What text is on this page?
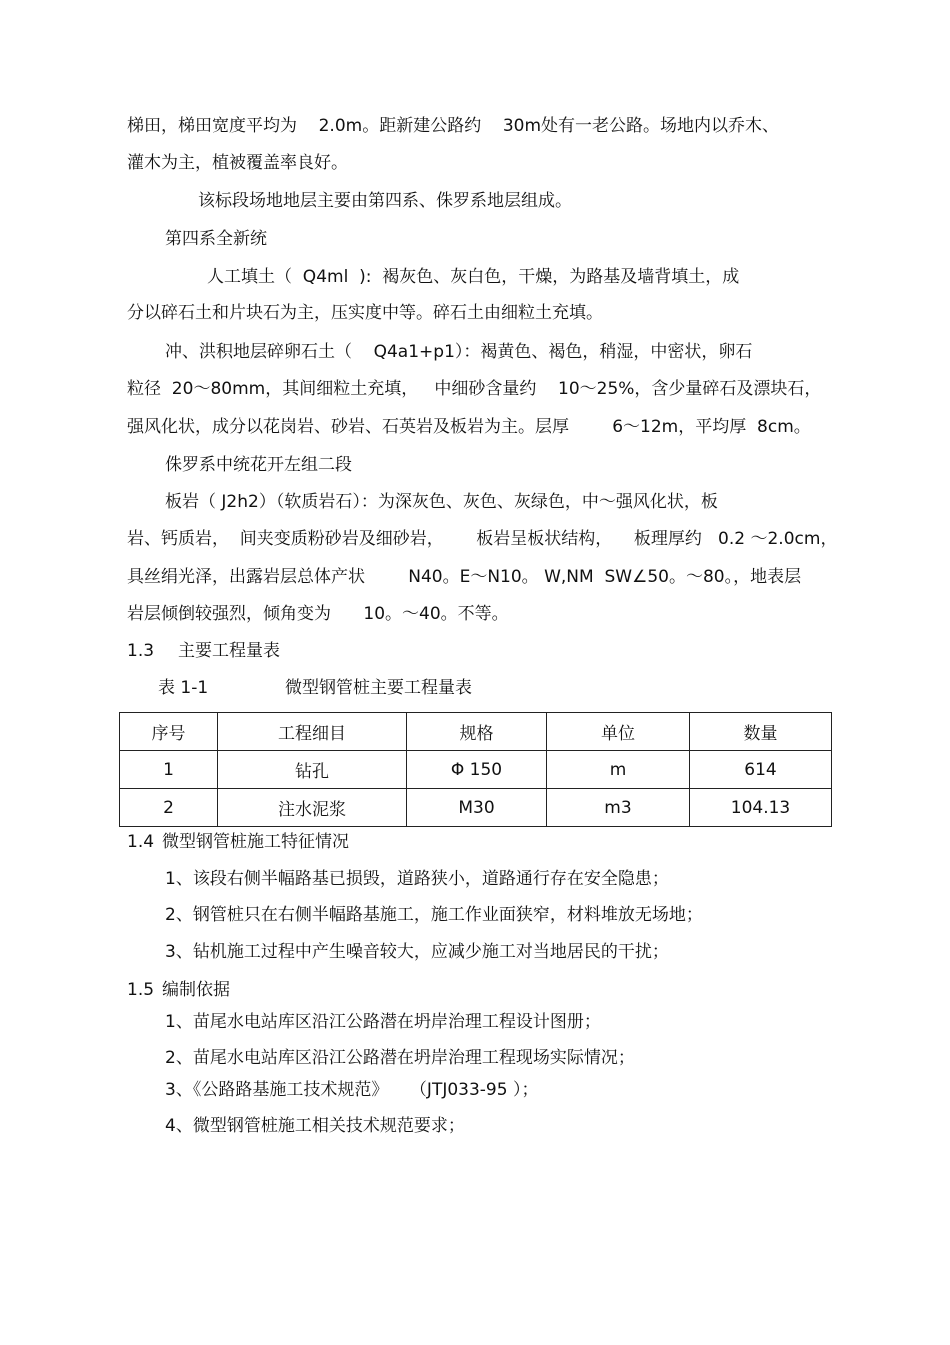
梯田，梯田宽度平均为    2.0m。距新建公路约    30m处有一老公路。场地内以乔木、
灌木为主，植被覆盖率良好。
该标段场地地层主要由第四系、侏罗系地层组成。
第四系全新统
人工填土（  Q4ml  ):  褐灰色、灰白色，干燥，为路基及墙背填土，成
分以碎石土和片块石为主，压实度中等。碎石土由细粒土充填。
冲、洪积地层碎卵石土（    Q4a1+p1）：褐黄色、褐色，稍湿，中密状，卵石
粒径  20～80mm，其间细粒土充填，   中细砂含量约    10～25%，含少量碎石及漂块石，
强风化状，成分以花岗岩、砂岩、石英岩及板岩为主。层厚        6～12m，平均厚  8cm。
侏罗系中统花开左组二段
板岩（ J2h2）（软质岩石）：为深灰色、灰色、灰绿色，中～强风化状，板
岩、钙质岩，  间夹变质粉砂岩及细砂岩，      板岩呈板状结构，    板理厚约   0.2 ～2.0cm，
具丝绢光泽，出露岩层总体产状        N40。E～N10。 W,NM  SW∠50。～80。，地表层
岩层倾倒较强烈，倾角变为      10。～40。不等。
1.3 主要工程量表
表 1-1	微型钢管桩主要工程量表
序号	工程细目	规格	单位	数量
1	钻孔	Φ 150	m	614
2	注水泥浆	M30	m3	104.13
1.4 微型钢管桩施工特征情况
1、该段右侧半幅路基已损毁，道路狭小，道路通行存在安全隐患；
2、钢管桩只在右侧半幅路基施工，施工作业面狭窄，材料堆放无场地；
3、钻机施工过程中产生噪音较大，应减少施工对当地居民的干扰；
1.5 编制依据
1、苗尾水电站库区沿江公路潜在坍岸治理工程设计图册；
2、苗尾水电站库区沿江公路潜在坍岸治理工程现场实际情况；
3、《公路路基施工技术规范》    （JTJ033-95 ）；
4、微型钢管桩施工相关技术规范要求；
